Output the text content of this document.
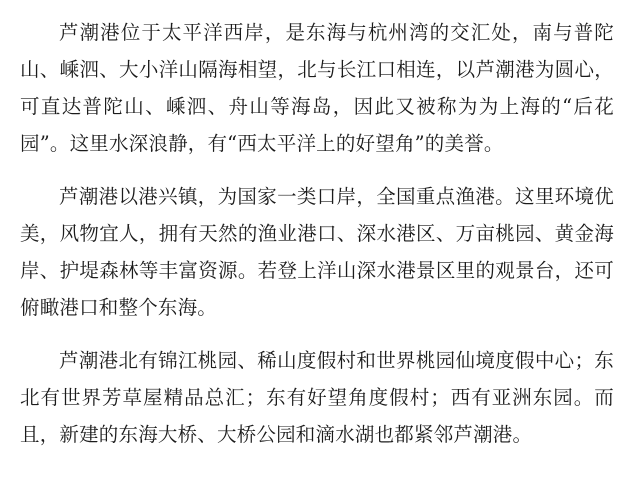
芦潮港位于太平洋西岸，是东海与杭州湾的交汇处，南与普陀山、嵊泗、大小洋山隔海相望，北与长江口相连，以芦潮港为圆心，可直达普陀山、嵊泗、舟山等海岛，因此又被称为为上海的“后花园”。这里水深浪静，有“西太平洋上的好望角”的美誉。

芦潮港以港兴镇，为国家一类口岸，全国重点渔港。这里环境优美，风物宜人，拥有天然的渔业港口、深水港区、万亩桃园、黄金海岸、护堤森林等丰富资源。若登上洋山深水港景区里的观景台，还可俯瞰港口和整个东海。

芦潮港北有锦江桃园、稀山度假村和世界桃园仙境度假中心；东北有世界芳草屋精品总汇；东有好望角度假村；西有亚洲东园。而且，新建的东海大桥、大桥公园和滴水湖也都紧邻芦潮港。
